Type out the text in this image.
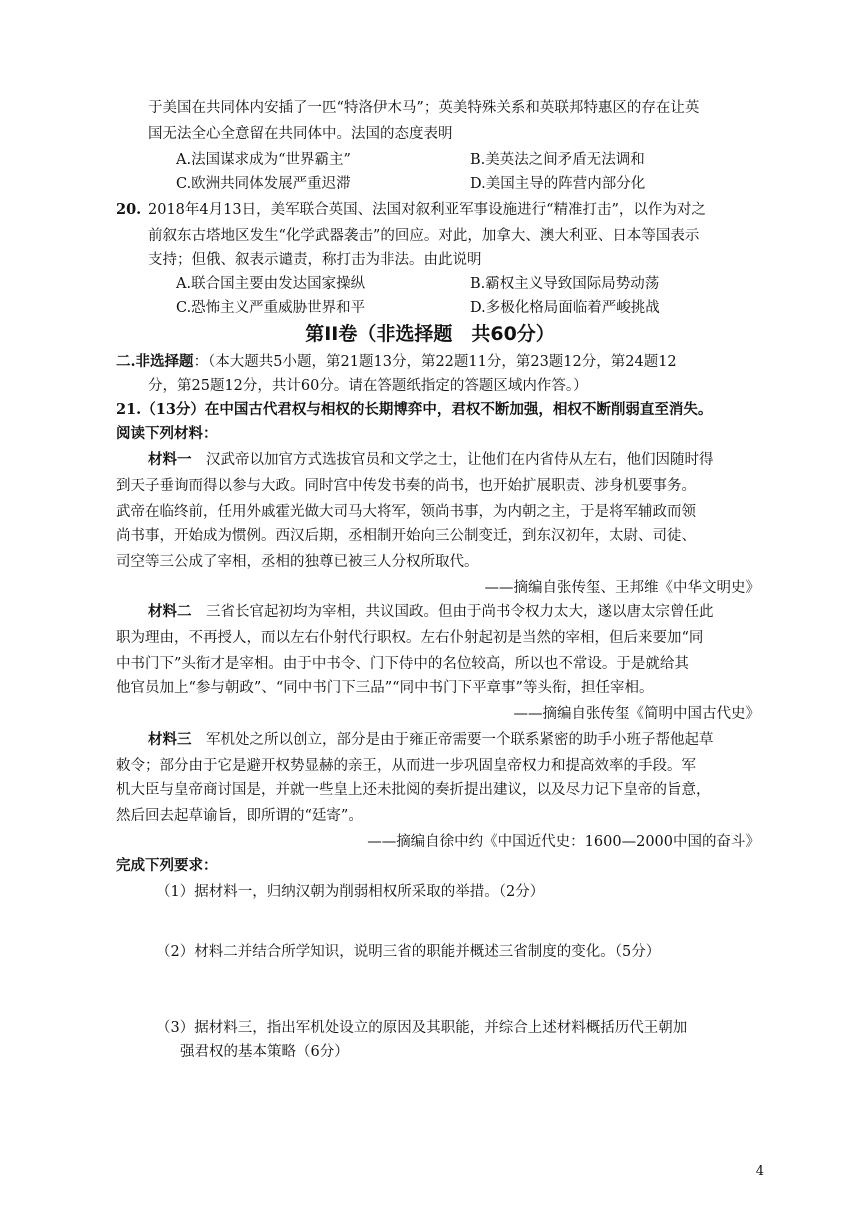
于美国在共同体内安插了一匹“特洛伊木马”；英美特殊关系和英联邦特惠区的存在让英
国无法全心全意留在共同体中。法国的态度表明
A.法国谋求成为“世界霸主”	B.美英法之间矛盾无法调和
C.欧洲共同体发展严重迟滞	D.美国主导的阵营内部分化
20. 2018年4月13日，美军联合英国、法国对叙利亚军事设施进行“精准打击”，以作为对之
前叙东古塔地区发生“化学武器袭击”的回应。对此，加拿大、澳大利亚、日本等国表示
支持；但俄、叙表示谴责，称打击为非法。由此说明
A.联合国主要由发达国家操纵	B.霸权主义导致国际局势动荡
C.恐怖主义严重威胁世界和平	D.多极化格局面临着严峻挑战
第II卷（非选择题　共60分）
二.非选择题：（本大题共5小题，第21题13分，第22题11分，第23题12分，第24题12
分，第25题12分，共计60分。请在答题纸指定的答题区域内作答。）
21.（13分）在中国古代君权与相权的长期博弈中，君权不断加强，相权不断削弱直至消失。
阅读下列材料：
材料一　汉武帝以加官方式选拔官员和文学之士，让他们在内省侍从左右，他们因随时得
到天子垂询而得以参与大政。同时宫中传发书奏的尚书，也开始扩展职责、涉身机要事务。
武帝在临终前，任用外戚霍光做大司马大将军，领尚书事，为内朝之主，于是将军辅政而领
尚书事，开始成为惯例。西汉后期，丞相制开始向三公制变迁，到东汉初年，太尉、司徒、
司空等三公成了宰相，丞相的独尊已被三人分权所取代。
——摘编自张传玺、王邦维《中华文明史》
材料二　三省长官起初均为宰相，共议国政。但由于尚书令权力太大，遂以唐太宗曾任此
职为理由，不再授人，而以左右仆射代行职权。左右仆射起初是当然的宰相，但后来要加“同
中书门下”头衔才是宰相。由于中书令、门下侍中的名位较高，所以也不常设。于是就给其
他官员加上“参与朝政”、“同中书门下三品”“同中书门下平章事”等头衔，担任宰相。
——摘编自张传玺《简明中国古代史》
材料三　军机处之所以创立，部分是由于雍正帝需要一个联系紧密的助手小班子帮他起草
敕令；部分由于它是避开权势显赫的亲王，从而进一步巩固皇帝权力和提高效率的手段。军
机大臣与皇帝商讨国是，并就一些皇上还未批阅的奏折提出建议，以及尽力记下皇帝的旨意，
然后回去起草谕旨，即所谓的“廷寄”。
——摘编自徐中约《中国近代史：1600—2000中国的奋斗》
完成下列要求：
（1）据材料一，归纳汉朝为削弱相权所采取的举措。（2分）
（2）材料二并结合所学知识，说明三省的职能并概述三省制度的变化。（5分）
（3）据材料三，指出军机处设立的原因及其职能，并综合上述材料概括历代王朝加
强君权的基本策略（6分）
4
